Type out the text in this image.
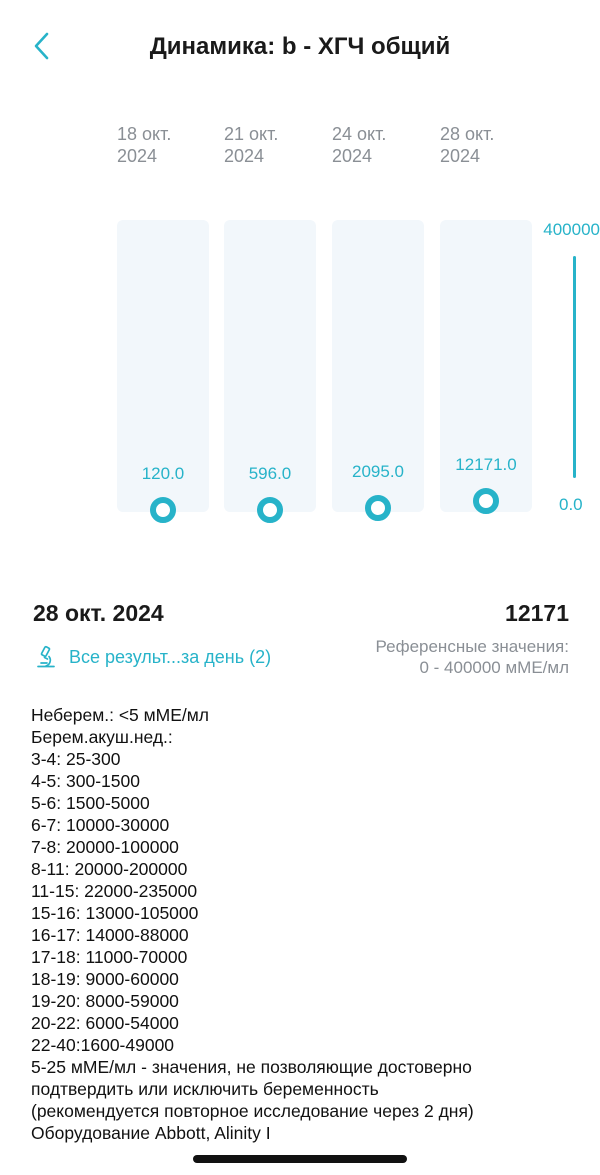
Динамика: b - ХГЧ общий
400000
0.0
18 окт.
2024
120.0
21 окт.
2024
596.0
24 окт.
2024
2095.0
28 окт.
2024
12171.0
28 окт. 2024	12171
Все результ...за день (2)	Референсные значения:
0 - 400000 мМЕ/мл
Неберем.: <5 мМЕ/мл
Берем.акуш.нед.:
3-4: 25-300
4-5: 300-1500
5-6: 1500-5000
6-7: 10000-30000
7-8: 20000-100000
8-11: 20000-200000
11-15: 22000-235000
15-16: 13000-105000
16-17: 14000-88000
17-18: 11000-70000
18-19: 9000-60000
19-20: 8000-59000
20-22: 6000-54000
22-40:1600-49000
5-25 мМЕ/мл - значения, не позволяющие достоверно
подтвердить или исключить беременность
(рекомендуется повторное исследование через 2 дня)
Оборудование Abbott, Alinity I
